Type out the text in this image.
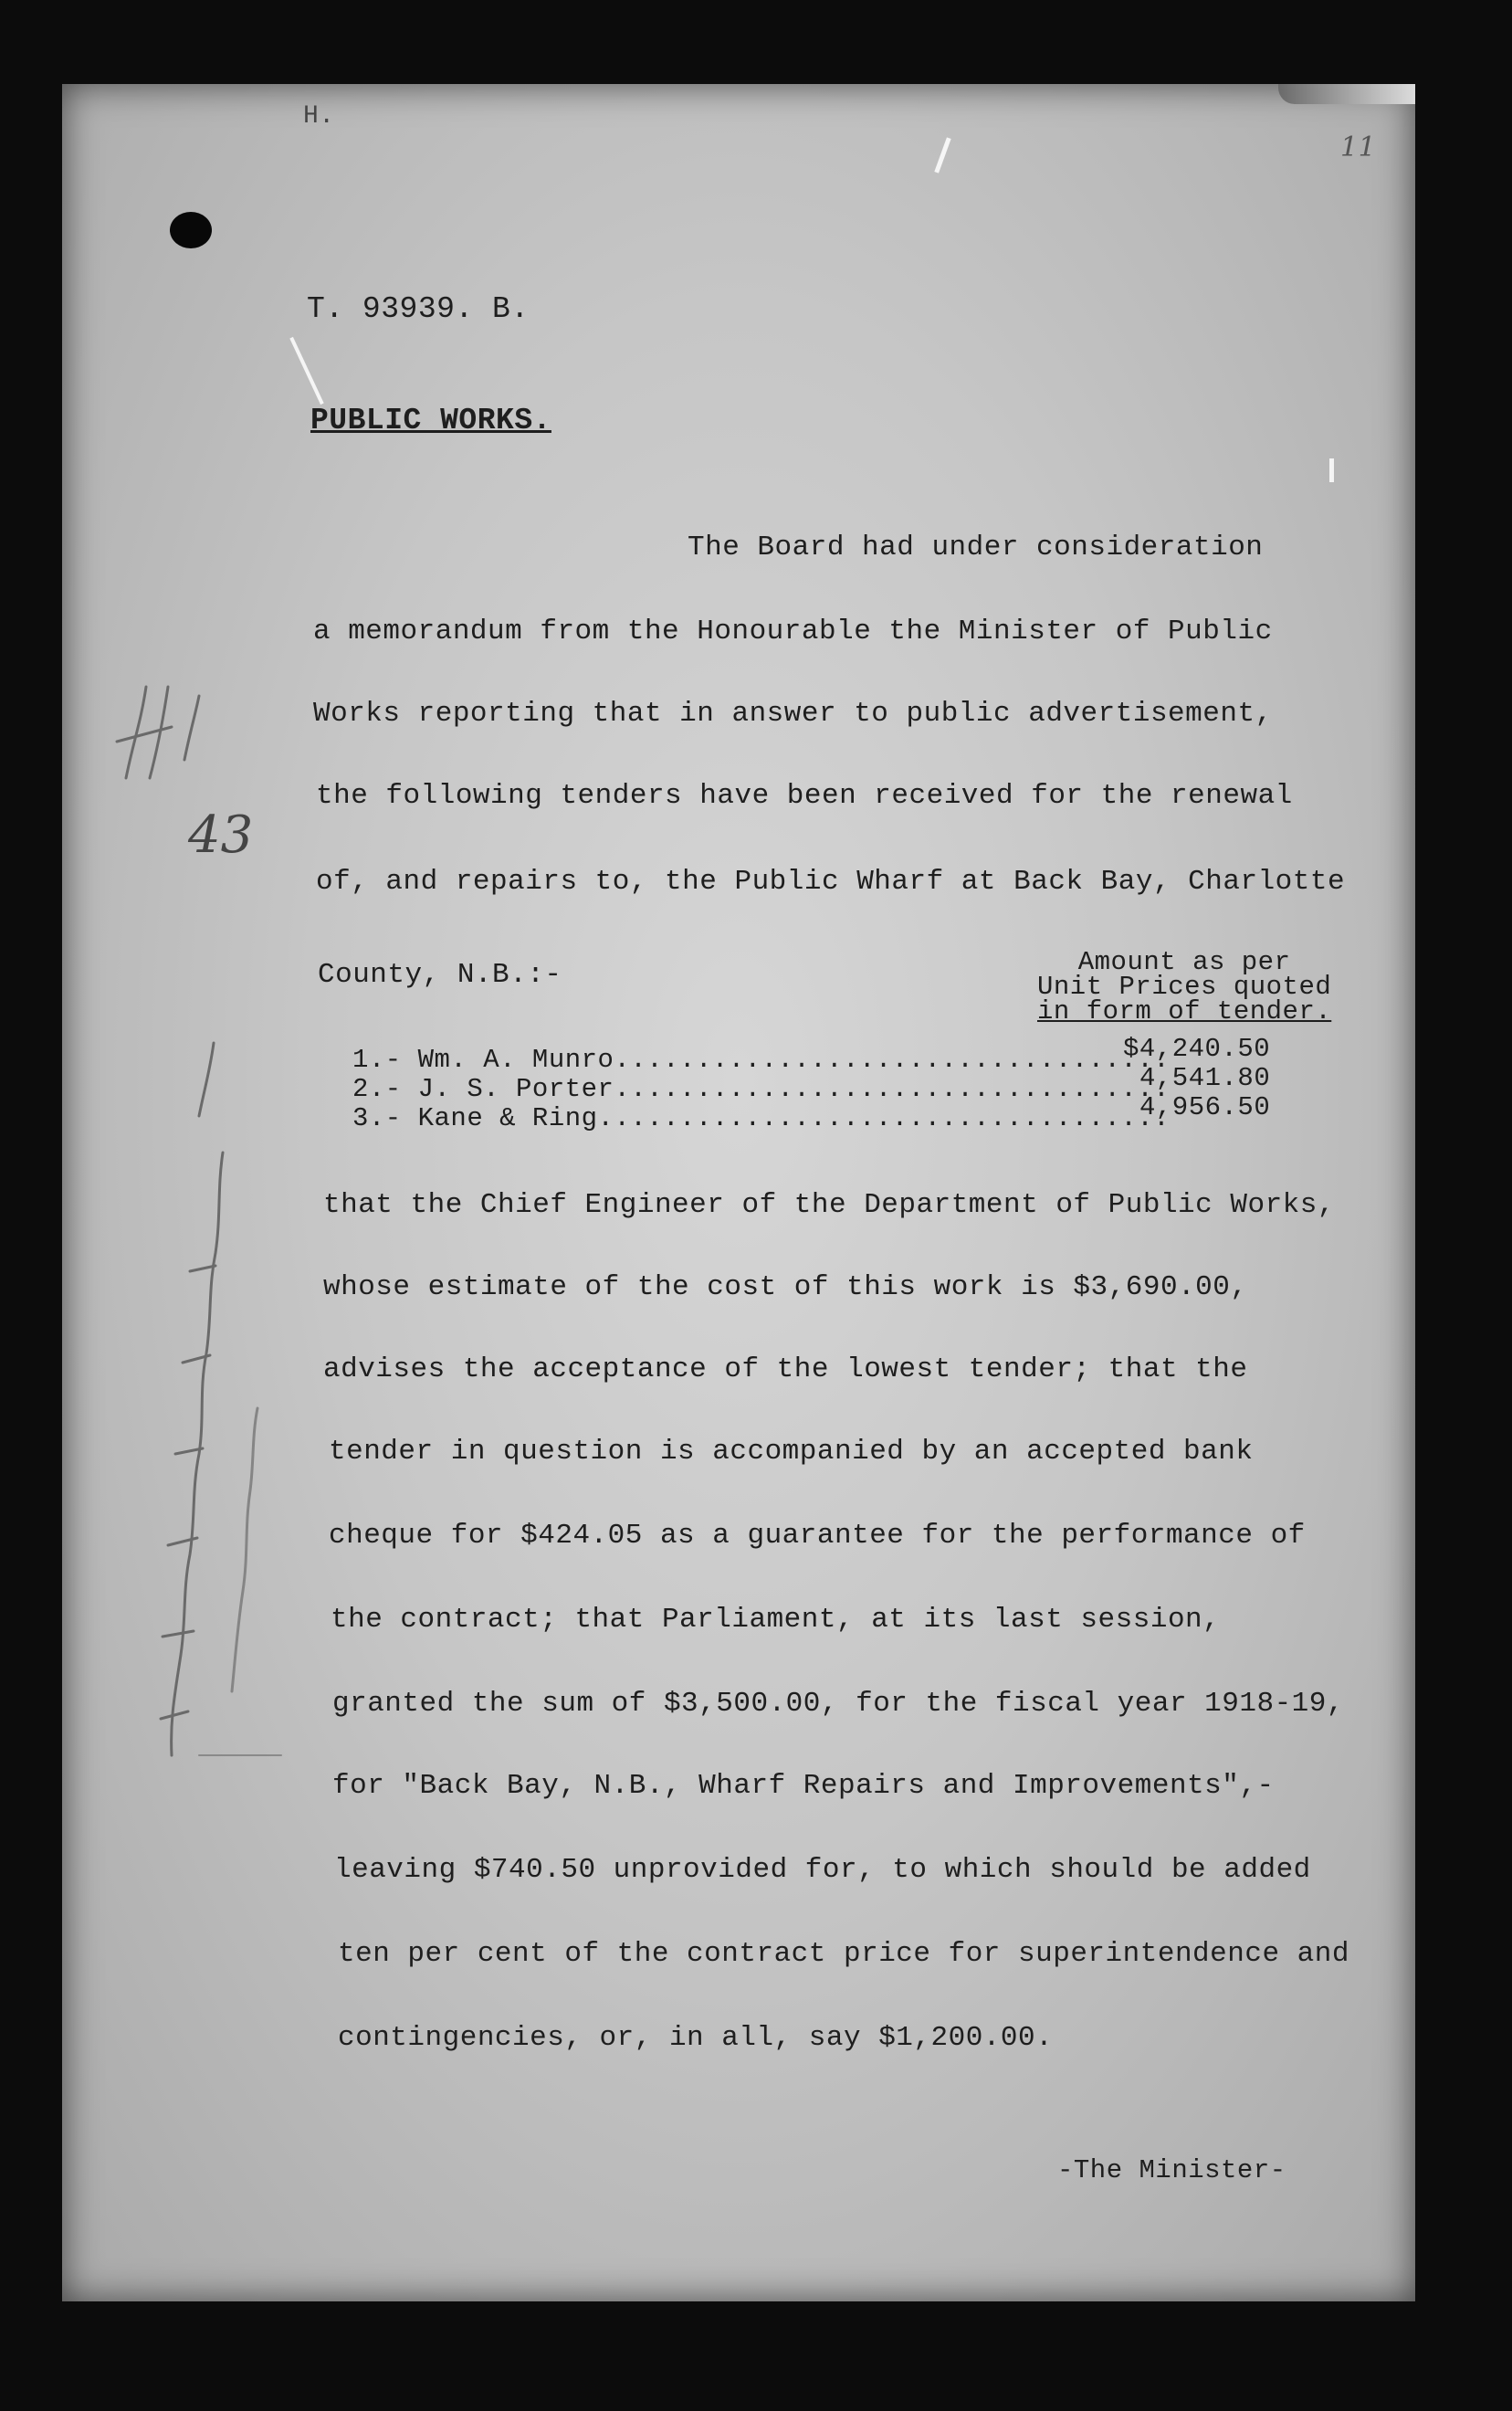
H.
11
T. 93939. B.
PUBLIC WORKS.
The Board had under consideration
a memorandum from the Honourable the Minister of Public
Works reporting that in answer to public advertisement,
the following tenders have been received for the renewal
of, and repairs to, the Public Wharf at Back Bay, Charlotte
County, N.B.:-	Amount as per
Unit Prices quoted
in form of tender.
1.- Wm. A. Munro..................................
$4,240.50
2.- J. S. Porter..................................
4,541.80
3.- Kane & Ring...................................
4,956.50
that the Chief Engineer of the Department of Public Works,
whose estimate of the cost of this work is $3,690.00,
advises the acceptance of the lowest tender; that the
tender in question is accompanied by an accepted bank
cheque for $424.05 as a guarantee for the performance of
the contract; that Parliament, at its last session,
granted the sum of $3,500.00, for the fiscal year 1918-19,
for "Back Bay, N.B., Wharf Repairs and Improvements",-
leaving $740.50 unprovided for, to which should be added
ten per cent of the contract price for superintendence and
contingencies, or, in all, say $1,200.00.
-The Minister-
43
